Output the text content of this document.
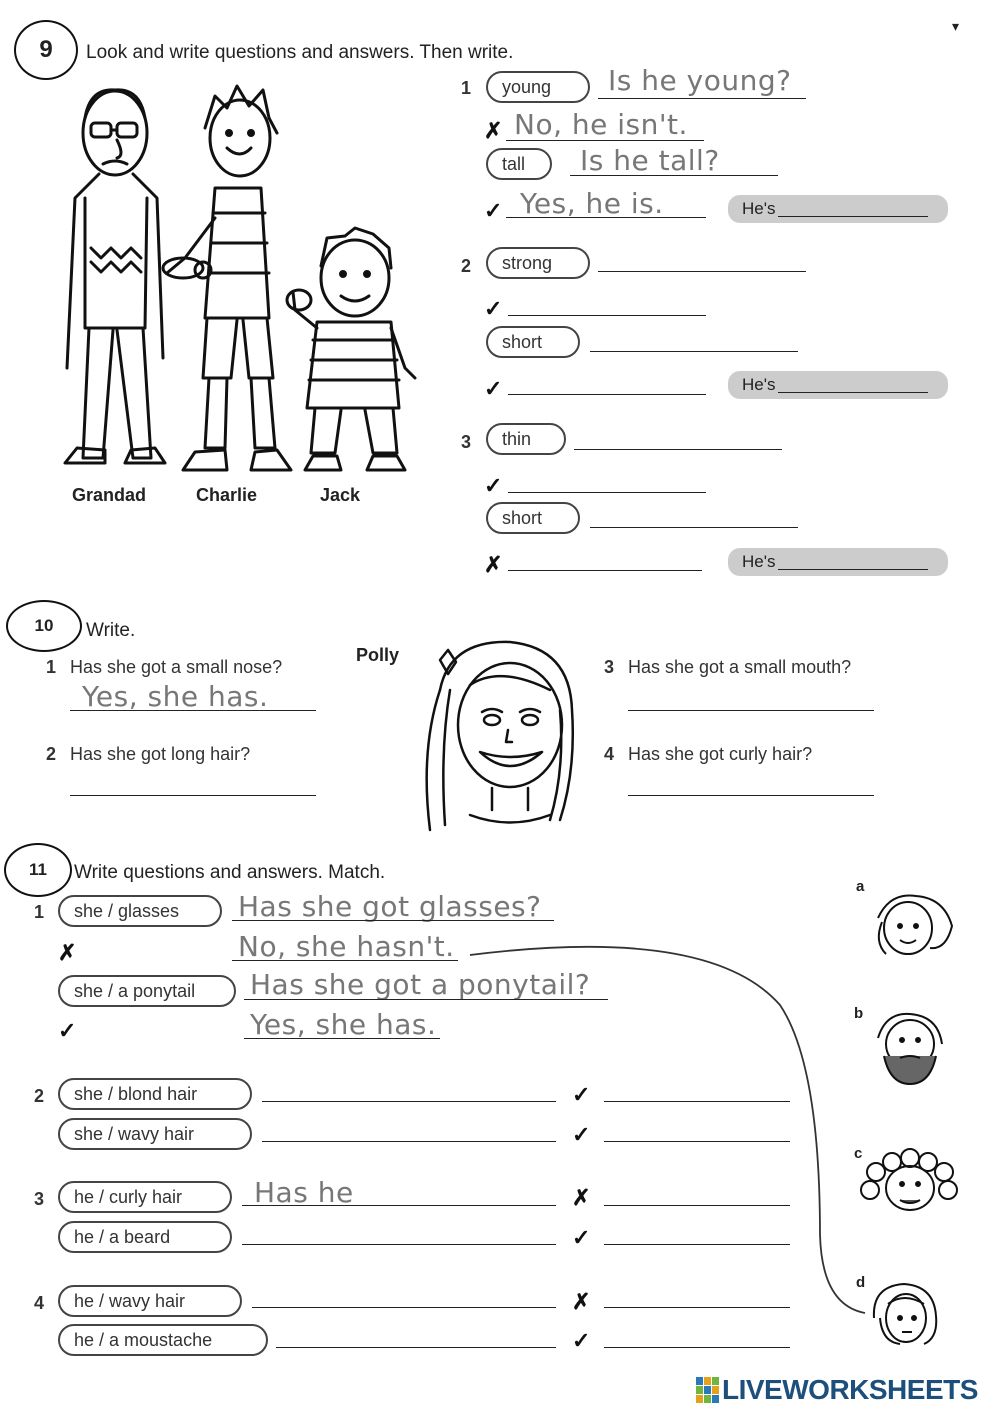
▾
9	Look and write questions and answers. Then write.
Grandad	Charlie	Jack
1	young	Is he young?
✗ No, he isn't.
tall	Is he tall?
✓ Yes, he is.	He's
2	strong
✓
short
✓	He's
3	thin
✓
short
✗	He's
10	Write.
1 Has she got a small nose?
Yes, she has.
2 Has she got long hair?
Polly
3 Has she got a small mouth?
4 Has she got curly hair?
11	Write questions and answers. Match.
1	she / glasses	Has she got glasses?
✗	No, she hasn't.
she / a ponytail	Has she got a ponytail?
✓	Yes, she has.
2	she / blond hair	✓
she / wavy hair	✓
3	he / curly hair	Has he	✗
he / a beard	✓
4	he / wavy hair	✗
he / a moustache	✓
a
b
c
d
LIVEWORKSHEETS
